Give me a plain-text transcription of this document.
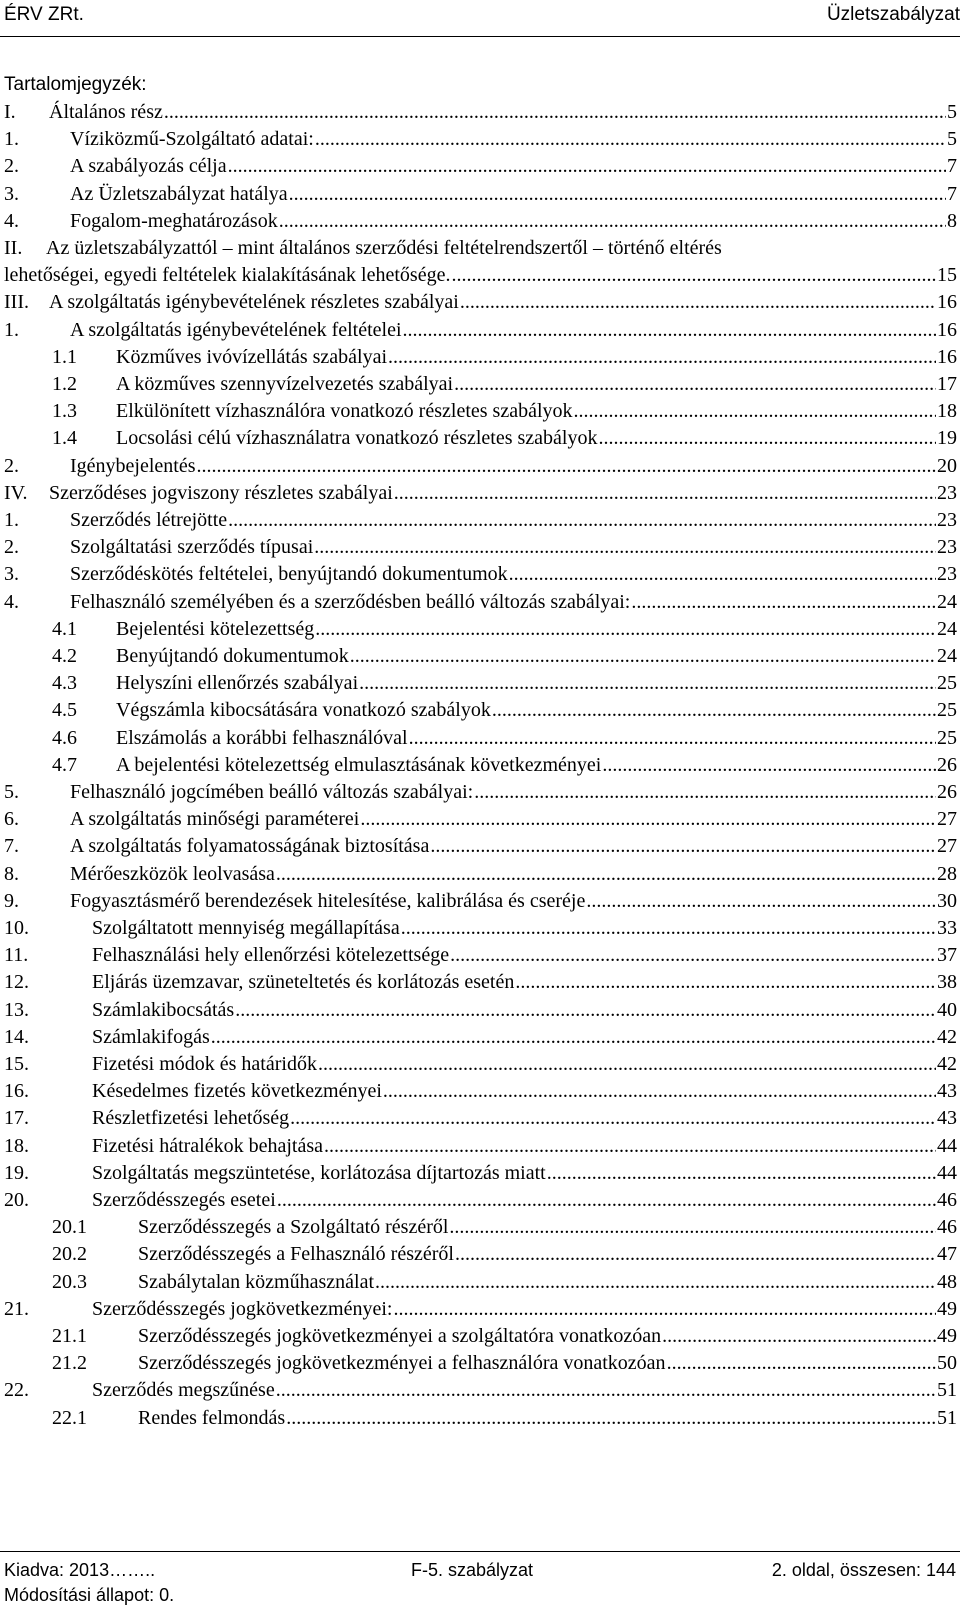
ÉRV ZRt.	Üzletszabályzat
Tartalomjegyzék:
I.	Általános rész .....	5
1.	Víziközmű-Szolgáltató adatai: .....	5
2.	A szabályozás célja .....	7
3.	Az Üzletszabályzat hatálya .....	7
4.	Fogalom-meghatározások .....	8
II. Az üzletszabályzattól – mint általános szerződési feltételrendszertől – történő eltérés
lehetőségei, egyedi feltételek kialakításának lehetősége. .....	15
III.	A szolgáltatás igénybevételének részletes szabályai .....	16
1.	A szolgáltatás igénybevételének feltételei .....	16
1.1	Közműves ivóvízellátás szabályai .....	16
1.2	A közműves szennyvízelvezetés szabályai .....	17
1.3	Elkülönített vízhasználóra vonatkozó részletes szabályok .....	18
1.4	Locsolási célú vízhasználatra vonatkozó részletes szabályok .....	19
2.	Igénybejelentés .....	20
IV.	Szerződéses jogviszony részletes szabályai .....	23
1.	Szerződés létrejötte .....	23
2.	Szolgáltatási szerződés típusai .....	23
3.	Szerződéskötés feltételei, benyújtandó dokumentumok .....	23
4.	Felhasználó személyében és a szerződésben beálló változás szabályai: .....	24
4.1	Bejelentési kötelezettség .....	24
4.2	Benyújtandó dokumentumok .....	24
4.3	Helyszíni ellenőrzés szabályai .....	25
4.5	Végszámla kibocsátására vonatkozó szabályok .....	25
4.6	Elszámolás a korábbi felhasználóval .....	25
4.7	A bejelentési kötelezettség elmulasztásának következményei .....	26
5.	Felhasználó jogcímében beálló változás szabályai: .....	26
6.	A szolgáltatás minőségi paraméterei .....	27
7.	A szolgáltatás folyamatosságának biztosítása .....	27
8.	Mérőeszközök leolvasása .....	28
9.	Fogyasztásmérő berendezések hitelesítése, kalibrálása és cseréje .....	30
10.	Szolgáltatott mennyiség megállapítása .....	33
11.	Felhasználási hely ellenőrzési kötelezettsége .....	37
12.	Eljárás üzemzavar, szüneteltetés és korlátozás esetén .....	38
13.	Számlakibocsátás .....	40
14.	Számlakifogás .....	42
15.	Fizetési módok és határidők .....	42
16.	Késedelmes fizetés következményei .....	43
17.	Részletfizetési lehetőség .....	43
18.	Fizetési hátralékok behajtása .....	44
19.	Szolgáltatás megszüntetése, korlátozása díjtartozás miatt .....	44
20.	Szerződésszegés esetei .....	46
20.1	Szerződésszegés a Szolgáltató részéről .....	46
20.2	Szerződésszegés a Felhasználó részéről .....	47
20.3	Szabálytalan közműhasználat .....	48
21.	Szerződésszegés jogkövetkezményei: .....	49
21.1	Szerződésszegés jogkövetkezményei a szolgáltatóra vonatkozóan .....	49
21.2	Szerződésszegés jogkövetkezményei a felhasználóra vonatkozóan .....	50
22.	Szerződés megszűnése .....	51
22.1	Rendes felmondás .....	51
Kiadva: 2013……..	F-5. szabályzat	2. oldal, összesen: 144
Módosítási állapot: 0.
